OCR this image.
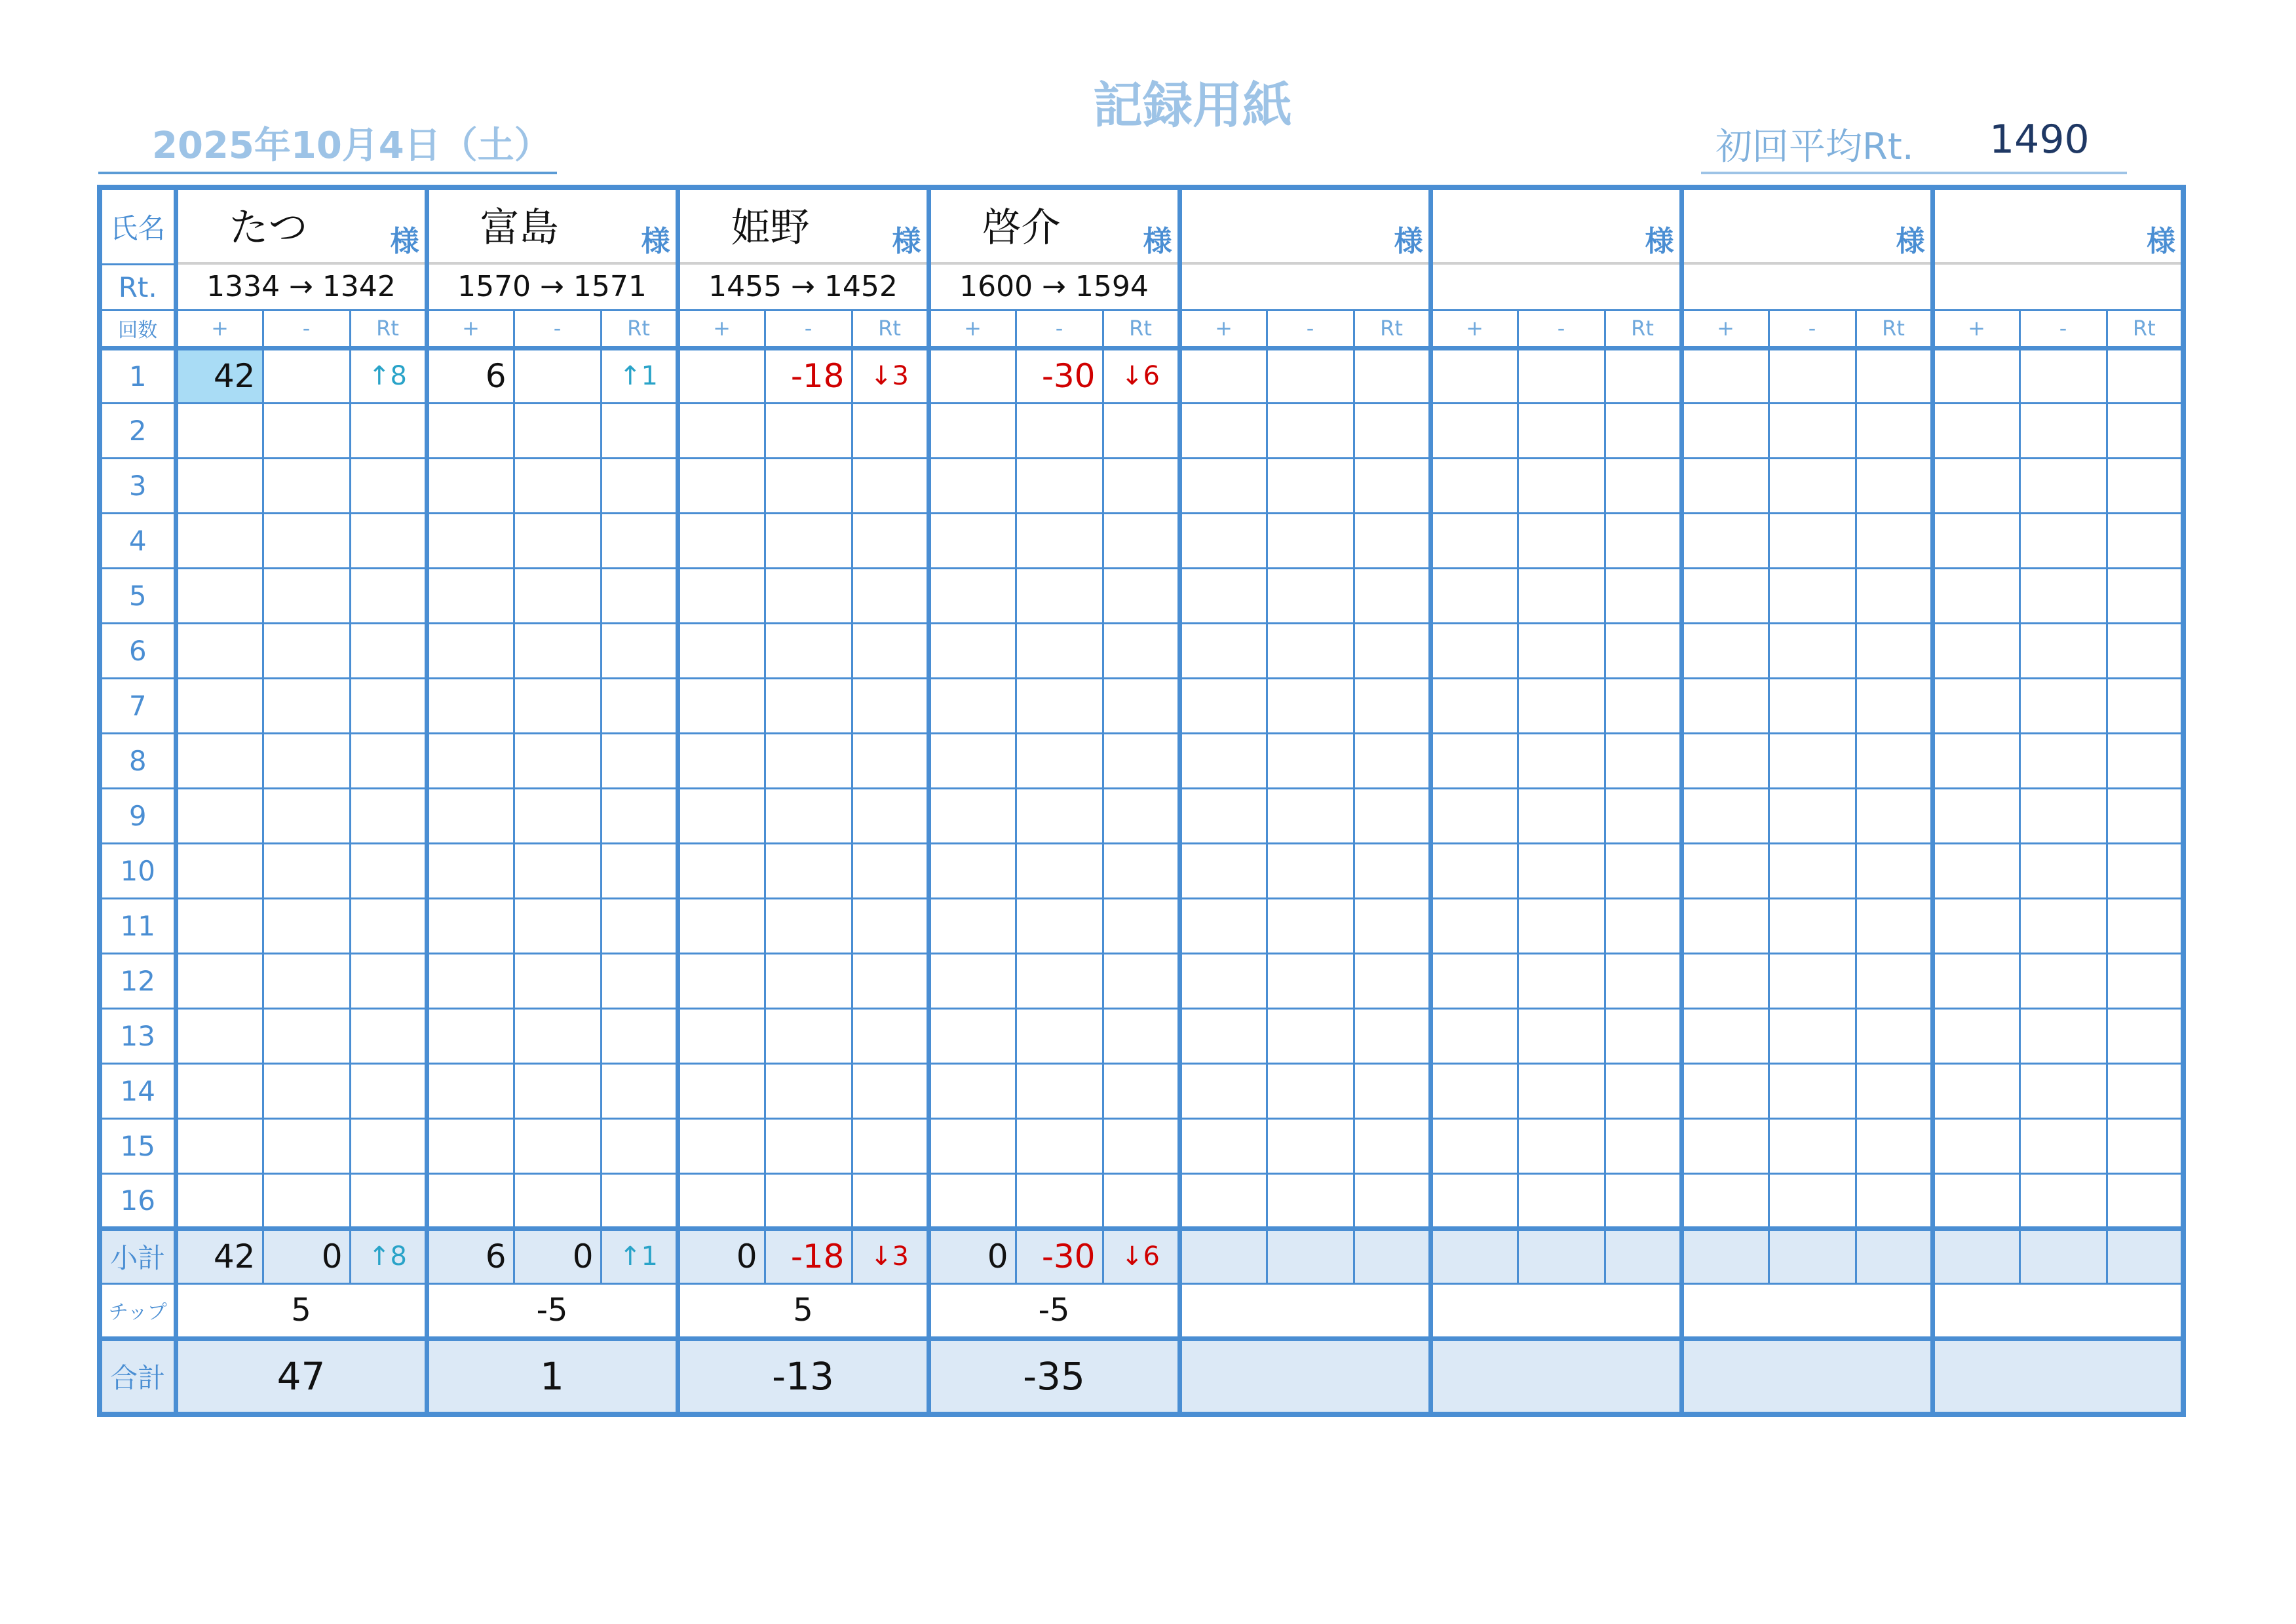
記録用紙
2025年10月4日（土）	初回平均Rt. 1490
氏名	たつ 様			富島 様			姫野 様			啓介 様			様			様			様			様		

Rt.	1334 → 1342			1570 → 1571			1455 → 1452			1600 → 1594														
回数	+	-	Rt	+	-	Rt	+	-	Rt	+	-	Rt	+	-	Rt	+	-	Rt	+	-	Rt	+	-	Rt
1	42		↑8	6		↑1		-18	↓3		-30	↓6												
2																								
3																								
4																								
5																								
6																								
7																								
8																								
9																								
10																								
11																								
12																								
13																								
14																								
15																								
16																								
小計	42	0	↑8	6	0	↑1	0	-18	↓3	0	-30	↓6												
チップ	5			-5			5			-5														
合計	47			1			-13			-35														
